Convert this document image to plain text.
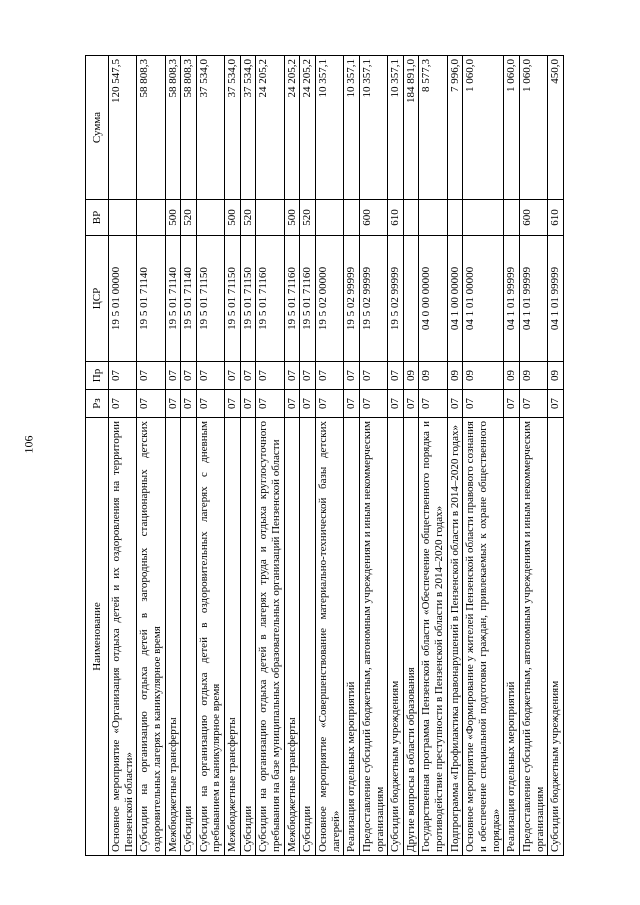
106
Наименование	Рз	Пр	ЦСР	ВР	Сумма
Основное мероприятие «Организация отдыха детей и их оздоровления на территории Пензенской области»	07	07	19 5 01 00000		120 547,5
Субсидии на организацию отдыха детей в загородных стационарных детских оздоровительных лагерях в каникулярное время	07	07	19 5 01 71140		58 808,3
Межбюджетные трансферты	07	07	19 5 01 71140	500	58 808,3
Субсидии	07	07	19 5 01 71140	520	58 808,3
Субсидии на организацию отдыха детей в оздоровительных лагерях с дневным пребыванием в каникулярное время	07	07	19 5 01 71150		37 534,0
Межбюджетные трансферты	07	07	19 5 01 71150	500	37 534,0
Субсидии	07	07	19 5 01 71150	520	37 534,0
Субсидии на организацию отдыха детей в лагерях труда и отдыха круглосуточного пребывания на базе муниципальных образовательных организаций Пензенской области	07	07	19 5 01 71160		24 205,2
Межбюджетные трансферты	07	07	19 5 01 71160	500	24 205,2
Субсидии	07	07	19 5 01 71160	520	24 205,2
Основное мероприятие «Совершенствование материально-технической базы детских лагерей»	07	07	19 5 02 00000		10 357,1
Реализация отдельных мероприятий	07	07	19 5 02 99999		10 357,1
Предоставление субсидий бюджетным, автономным учреждениям и иным некоммерческим организациям	07	07	19 5 02 99999	600	10 357,1
Субсидии бюджетным учреждениям	07	07	19 5 02 99999	610	10 357,1
Другие вопросы в области образования	07	09			184 891,0
Государственная программа Пензенской области «Обеспечение общественного порядка и противодействие преступности в Пензенской области в 2014–2020 годах»	07	09	04 0 00 00000		8 577,3
Подпрограмма «Профилактика правонарушений в Пензенской области в 2014–2020 годах»	07	09	04 1 00 00000		7 996,0
Основное мероприятие «Формирование у жителей Пензенской области правового сознания и обеспечение специальной подготовки граждан, привлекаемых к охране общественного порядка»	07	09	04 1 01 00000		1 060,0
Реализация отдельных мероприятий	07	09	04 1 01 99999		1 060,0
Предоставление субсидий бюджетным, автономным учреждениям и иным некоммерческим организациям	07	09	04 1 01 99999	600	1 060,0
Субсидии бюджетным учреждениям	07	09	04 1 01 99999	610	450,0
